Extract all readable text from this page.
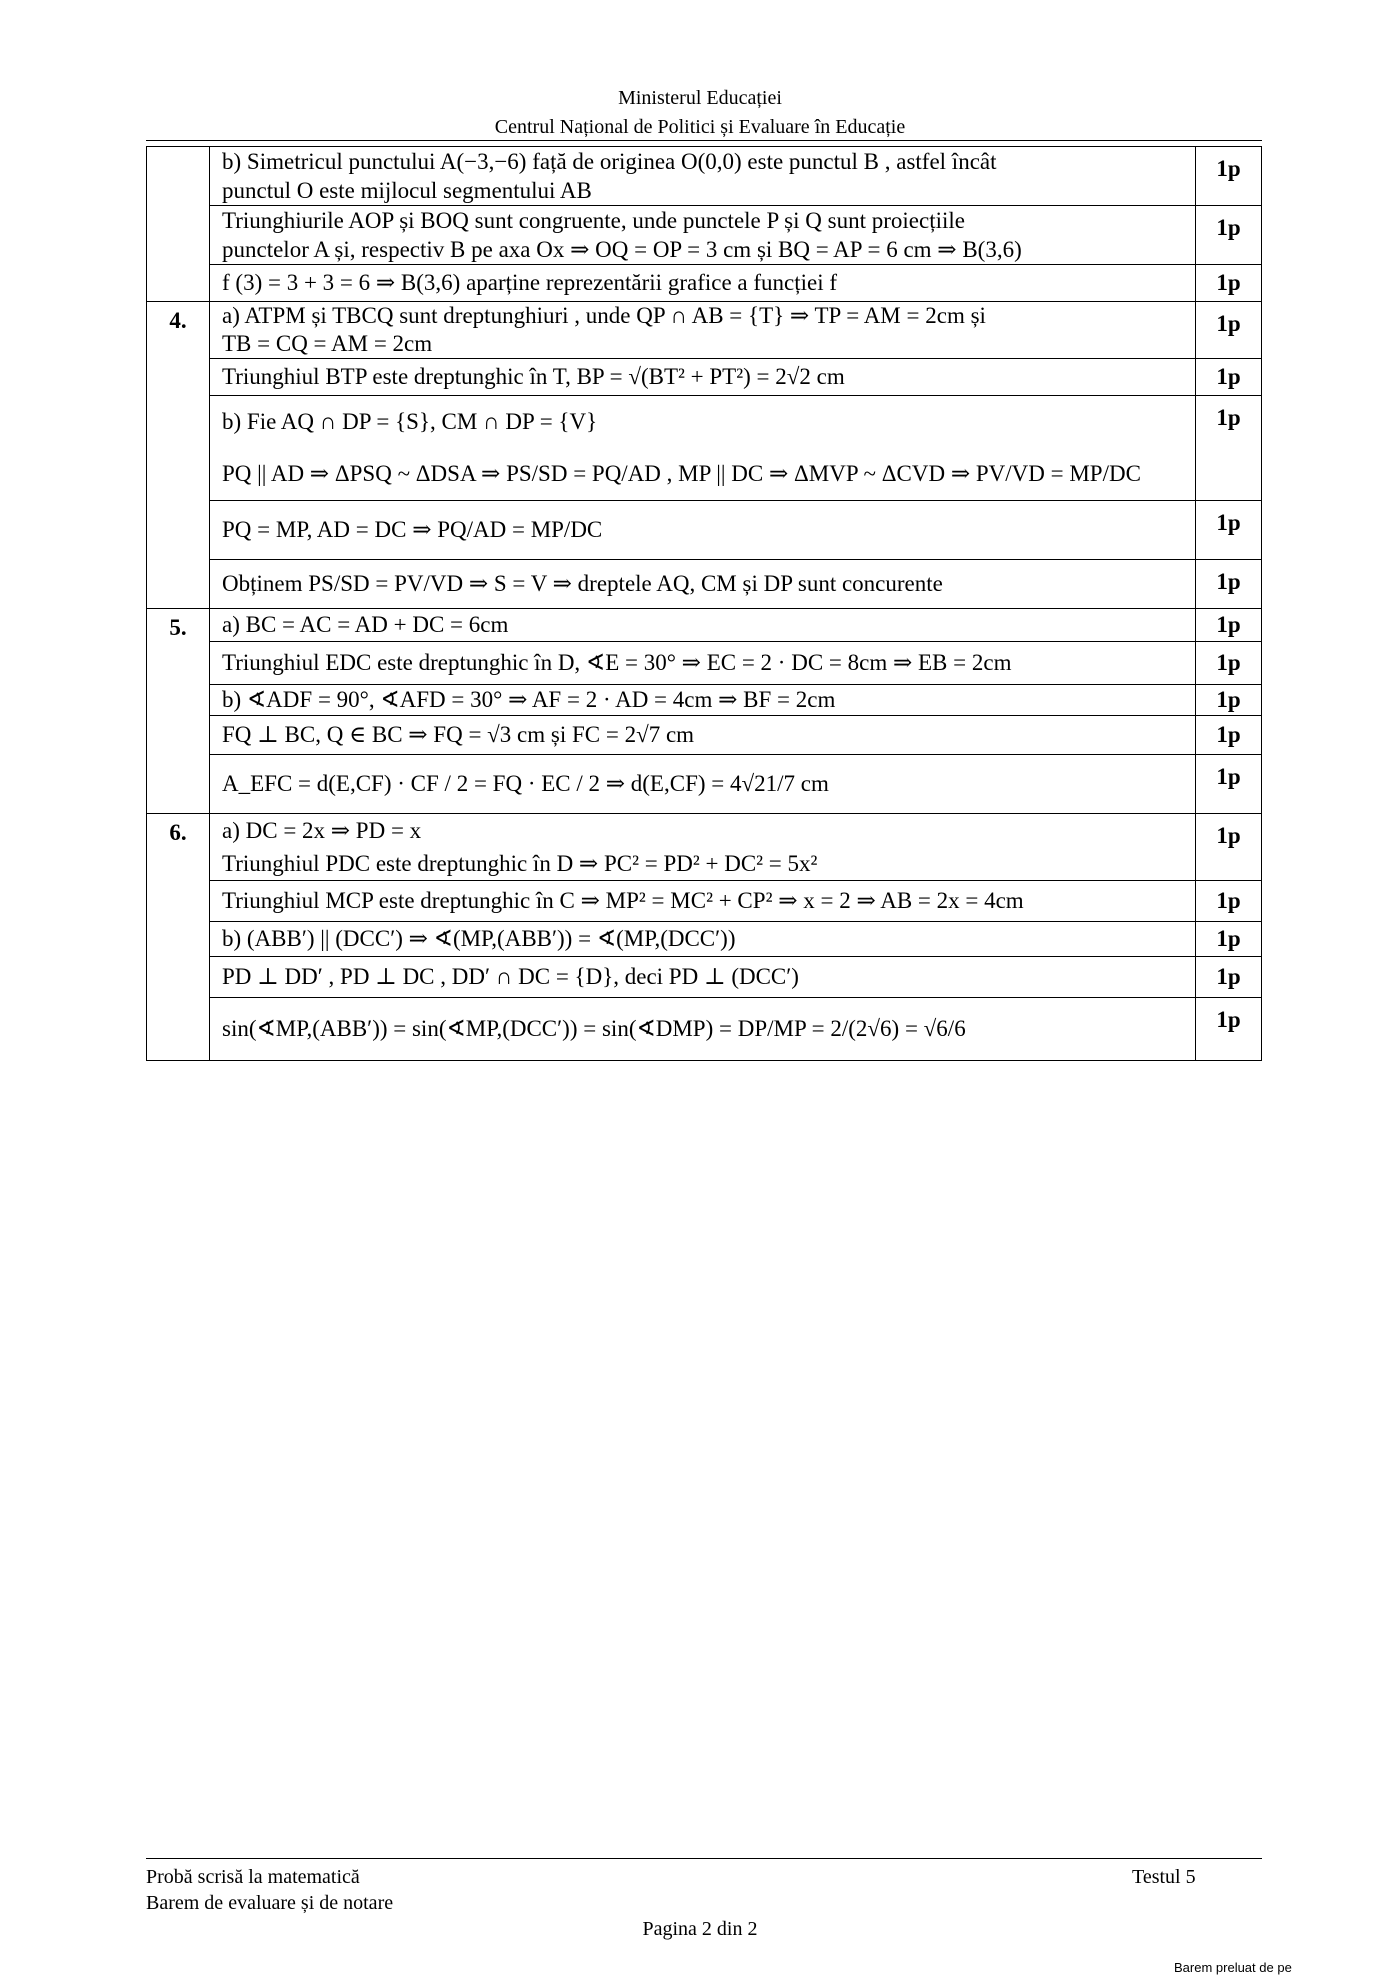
Ministerul Educației
Centrul Național de Politici și Evaluare în Educație

	b) Simetricul punctului A(−3,−6) față de originea O(0,0) este punctul B , astfel încât
punctul O este mijlocul segmentului AB	1p

	Triunghiurile AOP și BOQ sunt congruente, unde punctele P și Q sunt proiecțiile
punctelor A și, respectiv B pe axa Ox ⇒ OQ = OP = 3 cm și BQ = AP = 6 cm ⇒ B(3,6)	1p

	f (3) = 3 + 3 = 6 ⇒ B(3,6) aparține reprezentării grafice a funcției f	1p

4.	a) ATPM și TBCQ sunt dreptunghiuri , unde QP ∩ AB = {T} ⇒ TP = AM = 2cm și
TB = CQ = AM = 2cm	1p

	Triunghiul BTP este dreptunghic în T, BP = √(BT² + PT²) = 2√2 cm	1p

	b) Fie AQ ∩ DP = {S}, CM ∩ DP = {V}
PQ || AD ⇒ ΔPSQ ~ ΔDSA ⇒ PS/SD = PQ/AD , MP || DC ⇒ ΔMVP ~ ΔCVD ⇒ PV/VD = MP/DC	1p

	PQ = MP, AD = DC ⇒ PQ/AD = MP/DC	1p

	Obținem PS/SD = PV/VD ⇒ S = V ⇒ dreptele AQ, CM și DP sunt concurente	1p

5.	a) BC = AC = AD + DC = 6cm	1p

	Triunghiul EDC este dreptunghic în D, ∢E = 30° ⇒ EC = 2 · DC = 8cm ⇒ EB = 2cm	1p

	b) ∢ADF = 90°, ∢AFD = 30° ⇒ AF = 2 · AD = 4cm ⇒ BF = 2cm	1p

	FQ ⊥ BC, Q ∈ BC ⇒ FQ = √3 cm și FC = 2√7 cm	1p

	A_EFC = d(E,CF) · CF / 2 = FQ · EC / 2 ⇒ d(E,CF) = 4√21/7 cm	1p

6.	a) DC = 2x ⇒ PD = x
Triunghiul PDC este dreptunghic în D ⇒ PC² = PD² + DC² = 5x²	1p

	Triunghiul MCP este dreptunghic în C ⇒ MP² = MC² + CP² ⇒ x = 2 ⇒ AB = 2x = 4cm	1p

	b) (ABB′) || (DCC′) ⇒ ∢(MP,(ABB′)) = ∢(MP,(DCC′))	1p

	PD ⊥ DD′ , PD ⊥ DC , DD′ ∩ DC = {D}, deci PD ⊥ (DCC′)	1p

	sin(∢MP,(ABB′)) = sin(∢MP,(DCC′)) = sin(∢DMP) = DP/MP = 2/(2√6) = √6/6	1p
Probă scrisă la matematică
Barem de evaluare și de notare
Testul 5
Pagina 2 din 2
Barem preluat de pe
